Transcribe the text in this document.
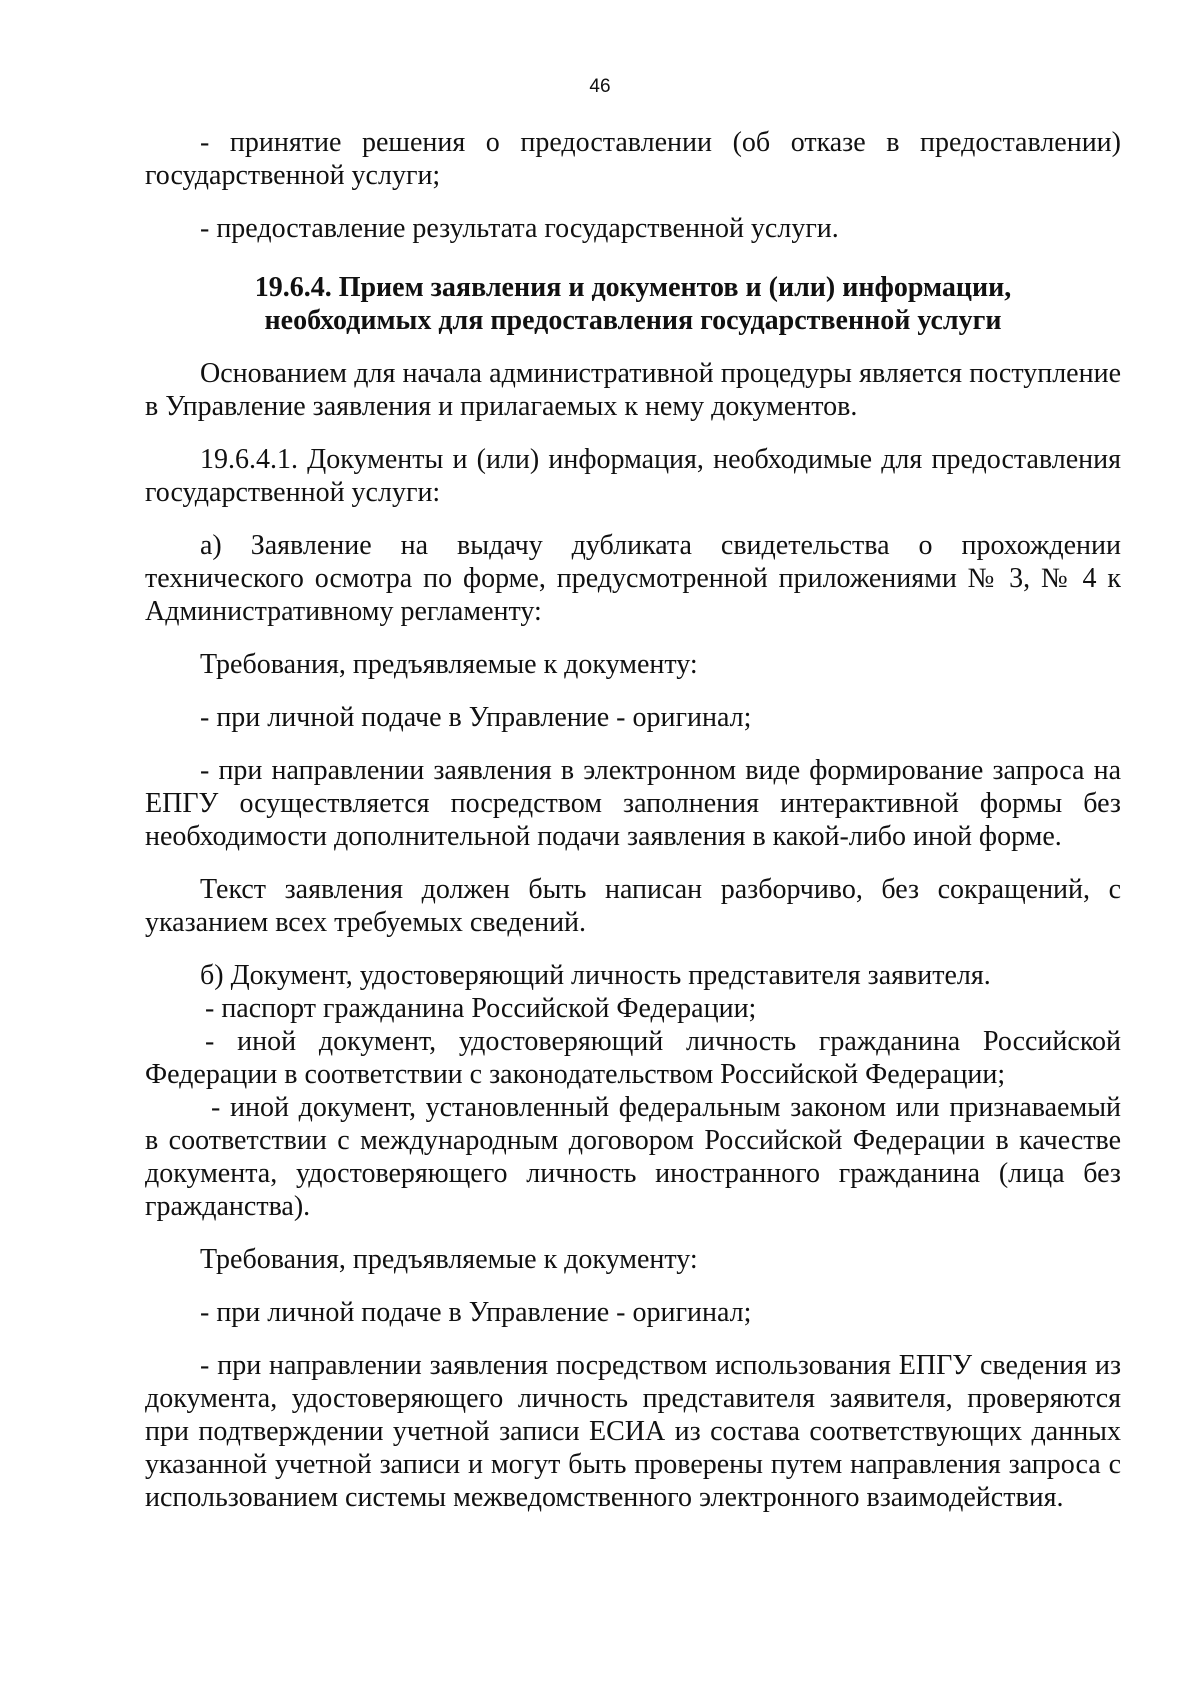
46

- принятие решения о предоставлении (об отказе в предоставлении) государственной услуги;

- предоставление результата государственной услуги.

19.6.4. Прием заявления и документов и (или) информации,
необходимых для предоставления государственной услуги

Основанием для начала административной процедуры является поступление в Управление заявления и прилагаемых к нему документов.

19.6.4.1. Документы и (или) информация, необходимые для предоставления государственной услуги:

а) Заявление на выдачу дубликата свидетельства о прохождении технического осмотра по форме, предусмотренной приложениями № 3, № 4 к Административному регламенту:

Требования, предъявляемые к документу:

- при личной подаче в Управление - оригинал;

- при направлении заявления в электронном виде формирование запроса на ЕПГУ осуществляется посредством заполнения интерактивной формы без необходимости дополнительной подачи заявления в какой-либо иной форме.

Текст заявления должен быть написан разборчиво, без сокращений, с указанием всех требуемых сведений.

б) Документ, удостоверяющий личность представителя заявителя.

- паспорт гражданина Российской Федерации;

- иной документ, удостоверяющий личность гражданина Российской Федерации в соответствии с законодательством Российской Федерации;

- иной документ, установленный федеральным законом или признаваемый в соответствии с международным договором Российской Федерации в качестве документа, удостоверяющего личность иностранного гражданина (лица без гражданства).

Требования, предъявляемые к документу:

- при личной подаче в Управление - оригинал;

- при направлении заявления посредством использования ЕПГУ сведения из документа, удостоверяющего личность представителя заявителя, проверяются при подтверждении учетной записи ЕСИА из состава соответствующих данных указанной учетной записи и могут быть проверены путем направления запроса с использованием системы межведомственного электронного взаимодействия.
